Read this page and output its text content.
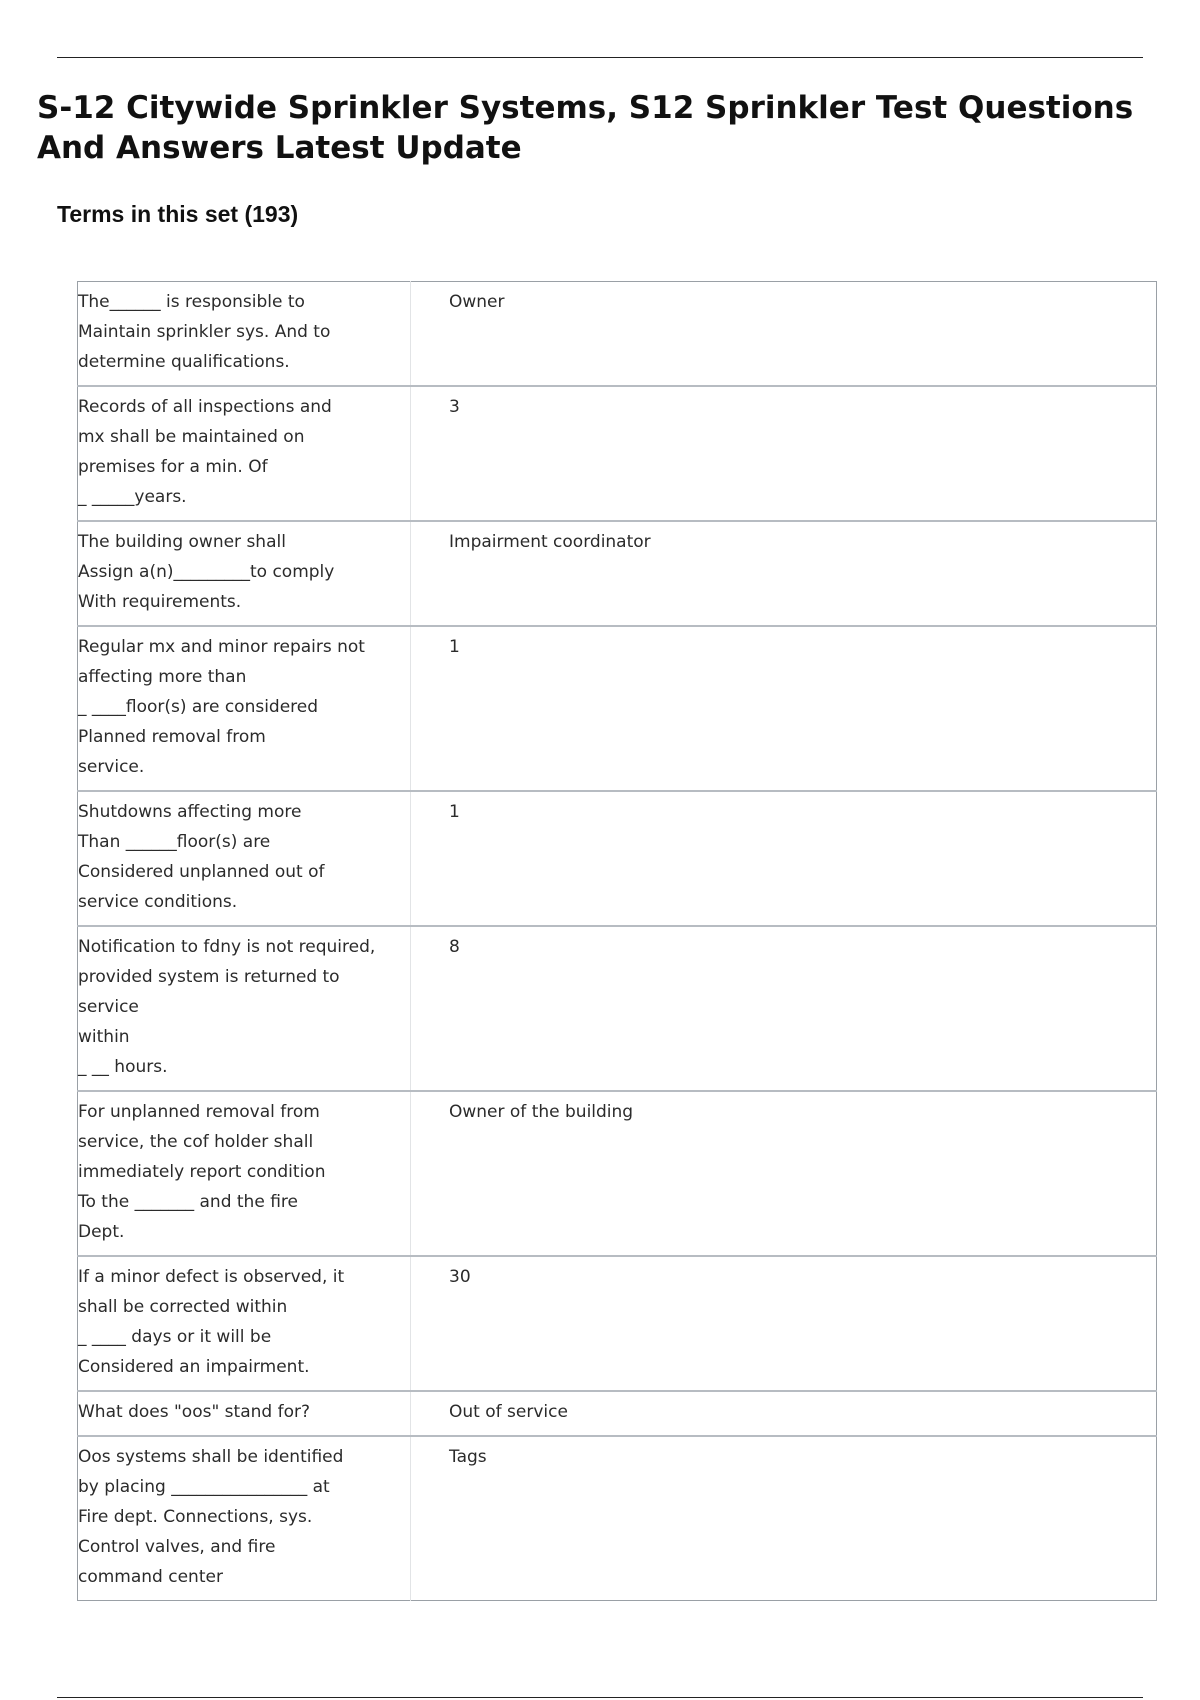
S-12 Citywide Sprinkler Systems, S12 Sprinkler Test Questions And Answers Latest Update
Terms in this set (193)
The______ is responsible to
Maintain sprinkler sys. And to
determine qualifications.	Owner
Records of all inspections and
mx shall be maintained on
premises for a min. Of
_ _____years.	3
The building owner shall
Assign a(n)_________to comply
With requirements.	Impairment coordinator
Regular mx and minor repairs not
affecting more than
_ ____floor(s) are considered
Planned removal from
service.	1
Shutdowns affecting more
Than ______floor(s) are
Considered unplanned out of
service conditions.	1
Notification to fdny is not required,
provided system is returned to service
within
_ __ hours.	8
For unplanned removal from
service, the cof holder shall
immediately report condition
To the _______ and the fire
Dept.	Owner of the building
If a minor defect is observed, it
shall be corrected within
_ ____ days or it will be
Considered an impairment.	30
What does "oos" stand for?	Out of service
Oos systems shall be identified
by placing ________________ at
Fire dept. Connections, sys.
Control valves, and fire
command center	Tags
